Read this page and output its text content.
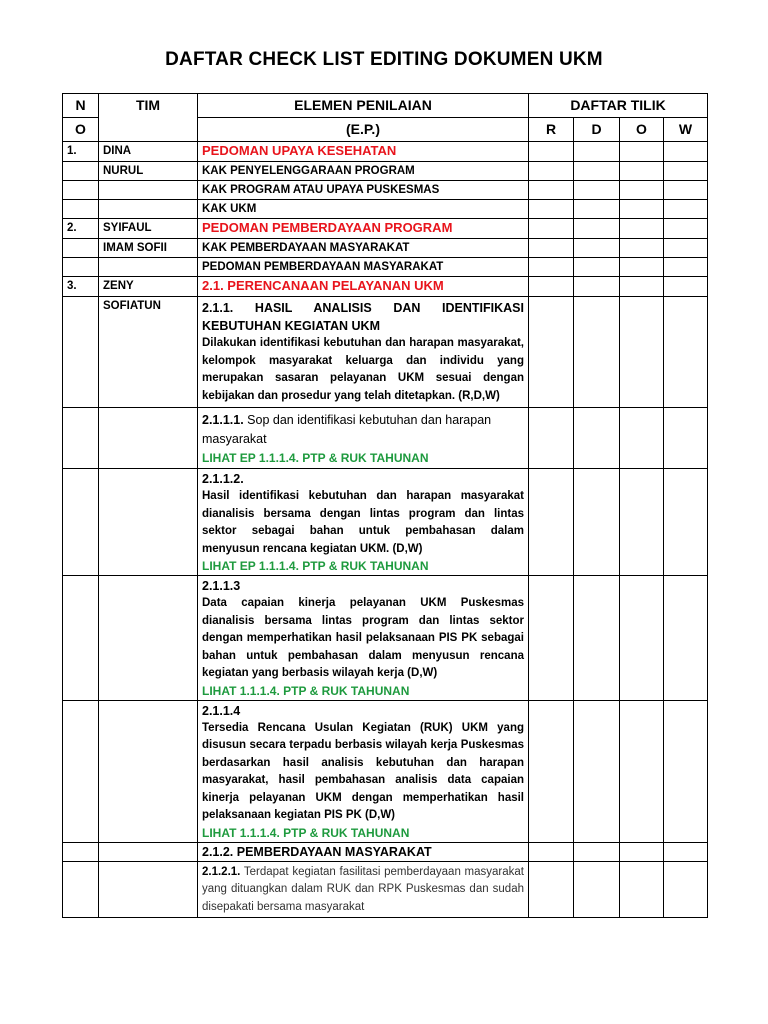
DAFTAR CHECK LIST EDITING DOKUMEN UKM
N	TIM	ELEMEN PENILAIAN	DAFTAR TILIK			
O		(E.P.)	R	D	O	W
1.	DINA	PEDOMAN UPAYA KESEHATAN				
	NURUL	KAK PENYELENGGARAAN PROGRAM				
		KAK PROGRAM ATAU UPAYA PUSKESMAS				
		KAK UKM				
2.	SYIFAUL	PEDOMAN PEMBERDAYAAN PROGRAM				
	IMAM SOFII	KAK PEMBERDAYAAN MASYARAKAT				
		PEDOMAN PEMBERDAYAAN MASYARAKAT				
3.	ZENY	2.1. PERENCANAAN PELAYANAN UKM				
	SOFIATUN	2.1.1. HASIL ANALISIS DAN IDENTIFIKASI KEBUTUHAN KEGIATAN UKM
Dilakukan identifikasi kebutuhan dan harapan masyarakat, kelompok masyarakat keluarga dan individu yang merupakan sasaran pelayanan UKM sesuai dengan kebijakan dan prosedur yang telah ditetapkan. (R,D,W)				

		2.1.1.1. Sop dan identifikasi kebutuhan dan harapan masyarakat
LIHAT EP 1.1.1.4. PTP & RUK TAHUNAN				

		2.1.1.2.
Hasil identifikasi kebutuhan dan harapan masyarakat dianalisis bersama dengan lintas program dan lintas sektor sebagai bahan untuk pembahasan dalam menyusun rencana kegiatan UKM. (D,W)
LIHAT EP 1.1.1.4. PTP & RUK TAHUNAN				

		2.1.1.3
Data capaian kinerja pelayanan UKM Puskesmas dianalisis bersama lintas program dan lintas sektor dengan memperhatikan hasil pelaksanaan PIS PK sebagai bahan untuk pembahasan dalam menyusun rencana kegiatan yang berbasis wilayah kerja (D,W)
LIHAT 1.1.1.4. PTP & RUK TAHUNAN				

		2.1.1.4
Tersedia Rencana Usulan Kegiatan (RUK) UKM yang disusun secara terpadu berbasis wilayah kerja Puskesmas berdasarkan hasil analisis kebutuhan dan harapan masyarakat, hasil pembahasan analisis data capaian kinerja pelayanan UKM dengan memperhatikan hasil pelaksanaan kegiatan PIS PK (D,W)
LIHAT 1.1.1.4. PTP & RUK TAHUNAN				

		2.1.2. PEMBERDAYAAN MASYARAKAT				

		2.1.2.1. Terdapat kegiatan fasilitasi pemberdayaan masyarakat yang dituangkan dalam RUK dan RPK Puskesmas dan sudah disepakati bersama masyarakat				
